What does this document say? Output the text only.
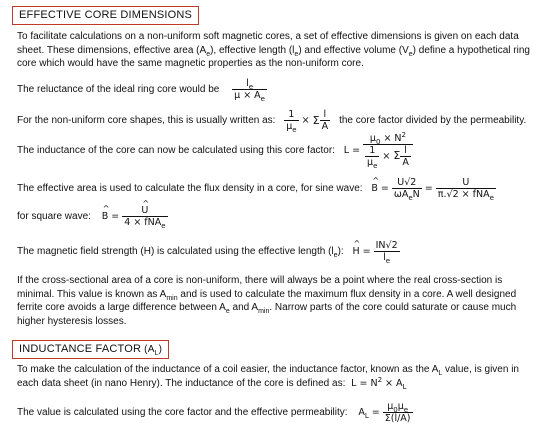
EFFECTIVE CORE DIMENSIONS
To facilitate calculations on a non-uniform soft magnetic cores, a set of effective dimensions is given on each data sheet. These dimensions, effective area $(A_e)$, effective length $(l_e)$ and effective volume $(V_e)$ define a hypothetical ring core which would have the same magnetic properties as the non-uniform core.
The reluctance of the ideal ring core would be $\frac{l_e}{\mu \times A_e}$
For the non-uniform core shapes, this is usually written as: $\frac{1}{\mu_e} \times \Sigma \frac{l}{A}$ the core factor divided by the permeability.
The inductance of the core can now be calculated using this core factor: $L = \frac{\mu_0 \times N^2}{\frac{1}{\mu_e} \times \Sigma \frac{l}{A}}$
The effective area is used to calculate the flux density in a core, for sine wave: ^ $B = \frac{U√2}{\omega A_eN} = \frac{U}{\pi.√2 \times fNA_e}$
for square wave: ^ B = ^ $\frac{U}{4 \times fNA_e}$
The magnetic field strength (H) is calculated using the effective length $(l_e)$: ^ $H = \frac{IN√2}{l_e}$
If the cross-sectional area of a core is non-uniform, there will always be a point where the real cross-section is minimal. This value is known as $A_{min}$ and is used to calculate the maximum flux density in a core. A well designed ferrite core avoids a large difference between $A_e$ and $A_{min}$. Narrow parts of the core could saturate or cause much higher hysteresis losses.
INDUCTANCE FACTOR $(A_L)$
To make the calculation of the inductance of a coil easier, the inductance factor, known as the $A_L$ value, is given in each data sheet (in nano Henry). The inductance of the core is defined as:  $L = N^2 \times A_L$
The value is calculated using the core factor and the effective permeability: $A_L = \frac{\mu_0\mu_e}{\Sigma(l/A)}$
